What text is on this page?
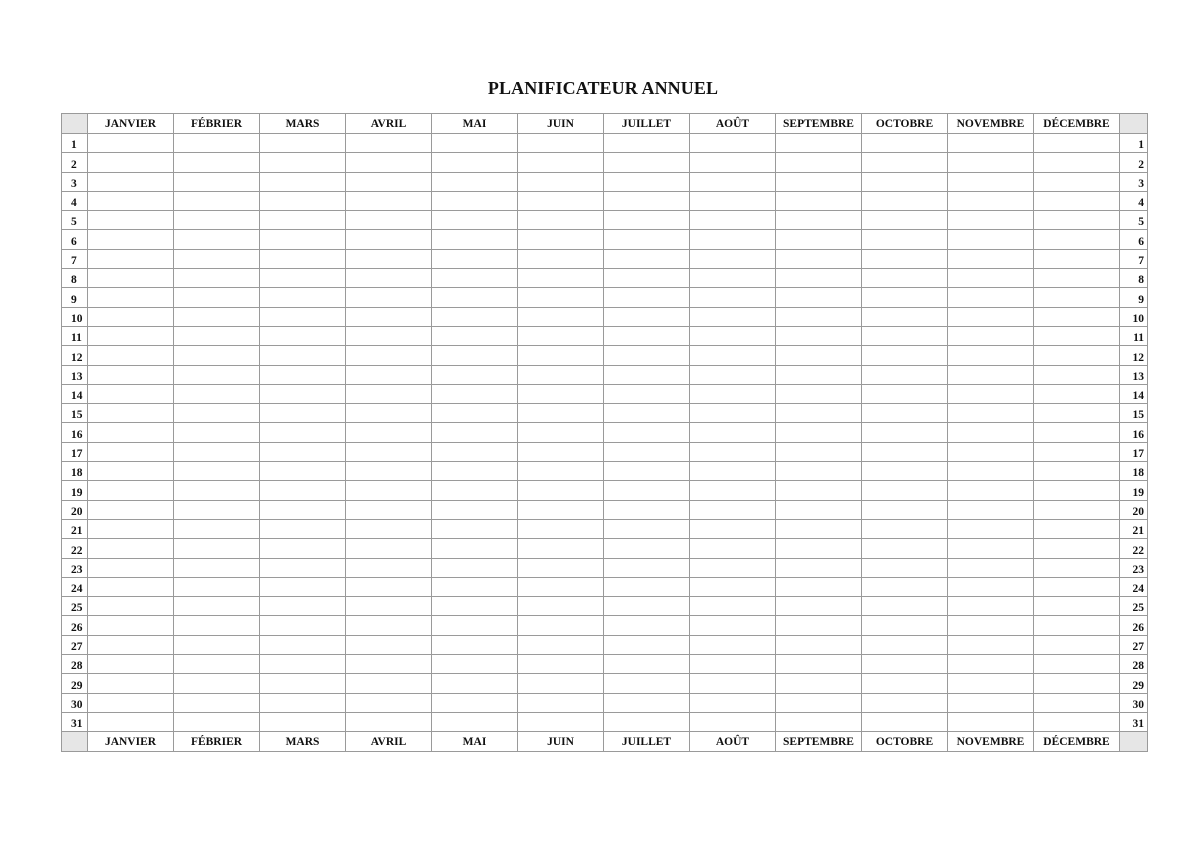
PLANIFICATEUR ANNUEL
	JANVIER	FÉBRIER	MARS	AVRIL	MAI	JUIN	JUILLET	AOÛT	SEPTEMBRE	OCTOBRE	NOVEMBRE	DÉCEMBRE	
1													1
2													2
3													3
4													4
5													5
6													6
7													7
8													8
9													9
10													10
11													11
12													12
13													13
14													14
15													15
16													16
17													17
18													18
19													19
20													20
21													21
22													22
23													23
24													24
25													25
26													26
27													27
28													28
29													29
30													30
31													31
	JANVIER	FÉBRIER	MARS	AVRIL	MAI	JUIN	JUILLET	AOÛT	SEPTEMBRE	OCTOBRE	NOVEMBRE	DÉCEMBRE	
